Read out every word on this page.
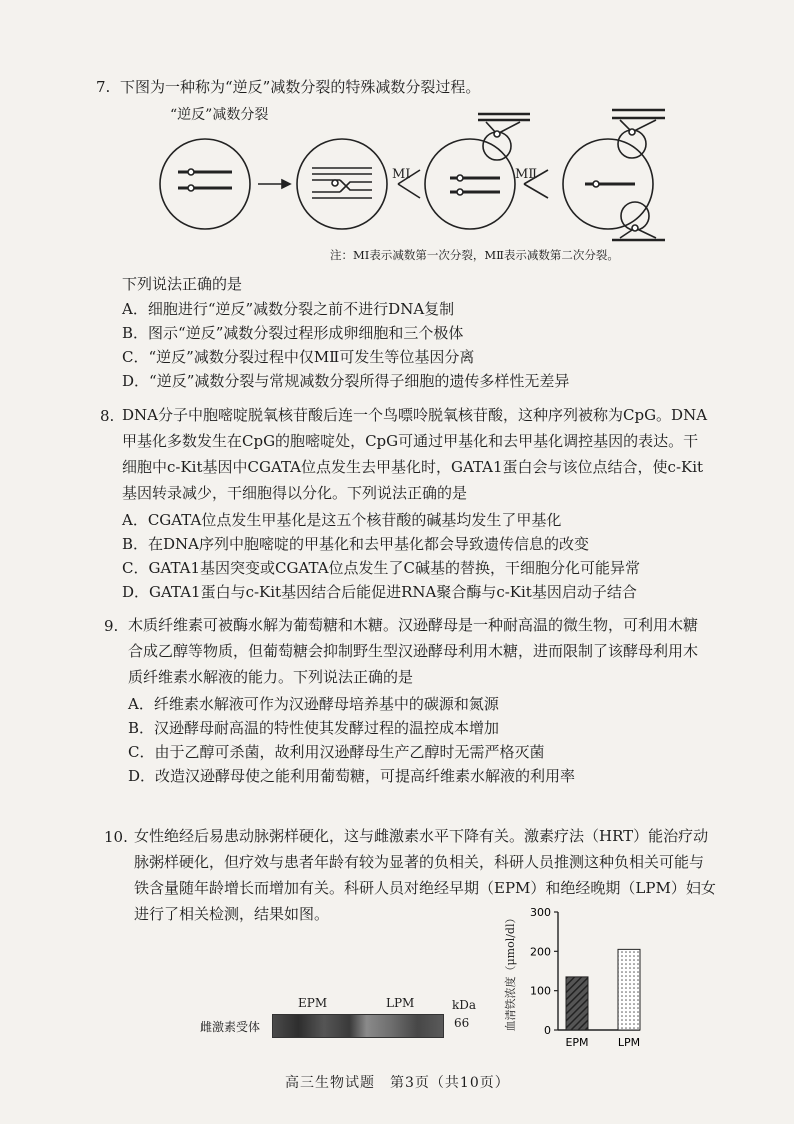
7. 下图为一种称为“逆反”减数分裂的特殊减数分裂过程。
“逆反”减数分裂
MⅠ	MⅡ
注：MⅠ表示减数第一次分裂，MⅡ表示减数第二次分裂。
下列说法正确的是
A．细胞进行“逆反”减数分裂之前不进行DNA复制
B．图示“逆反”减数分裂过程形成卵细胞和三个极体
C．“逆反”减数分裂过程中仅MⅡ可发生等位基因分离
D．“逆反”减数分裂与常规减数分裂所得子细胞的遗传多样性无差异
8. DNA分子中胞嘧啶脱氧核苷酸后连一个鸟嘌呤脱氧核苷酸，这种序列被称为CpG。DNA
甲基化多数发生在CpG的胞嘧啶处，CpG可通过甲基化和去甲基化调控基因的表达。干
细胞中c-Kit基因中CGATA位点发生去甲基化时，GATA1蛋白会与该位点结合，使c-Kit
基因转录减少，干细胞得以分化。下列说法正确的是
A．CGATA位点发生甲基化是这五个核苷酸的碱基均发生了甲基化
B．在DNA序列中胞嘧啶的甲基化和去甲基化都会导致遗传信息的改变
C．GATA1基因突变或CGATA位点发生了C碱基的替换，干细胞分化可能异常
D．GATA1蛋白与c-Kit基因结合后能促进RNA聚合酶与c-Kit基因启动子结合
9. 木质纤维素可被酶水解为葡萄糖和木糖。汉逊酵母是一种耐高温的微生物，可利用木糖
合成乙醇等物质，但葡萄糖会抑制野生型汉逊酵母利用木糖，进而限制了该酵母利用木
质纤维素水解液的能力。下列说法正确的是
A．纤维素水解液可作为汉逊酵母培养基中的碳源和氮源
B．汉逊酵母耐高温的特性使其发酵过程的温控成本增加
C．由于乙醇可杀菌，故利用汉逊酵母生产乙醇时无需严格灭菌
D．改造汉逊酵母使之能利用葡萄糖，可提高纤维素水解液的利用率
10. 女性绝经后易患动脉粥样硬化，这与雌激素水平下降有关。激素疗法（HRT）能治疗动
脉粥样硬化，但疗效与患者年龄有较为显著的负相关，科研人员推测这种负相关可能与
铁含量随年龄增长而增加有关。科研人员对绝经早期（EPM）和绝经晚期（LPM）妇女
进行了相关检测，结果如图。
EPM	LPM	kDa
雌激素受体	66
0
100
200
300
EPM	LPM
血清铁浓度（μmol/dl）
高三生物试题　第3页（共10页）
